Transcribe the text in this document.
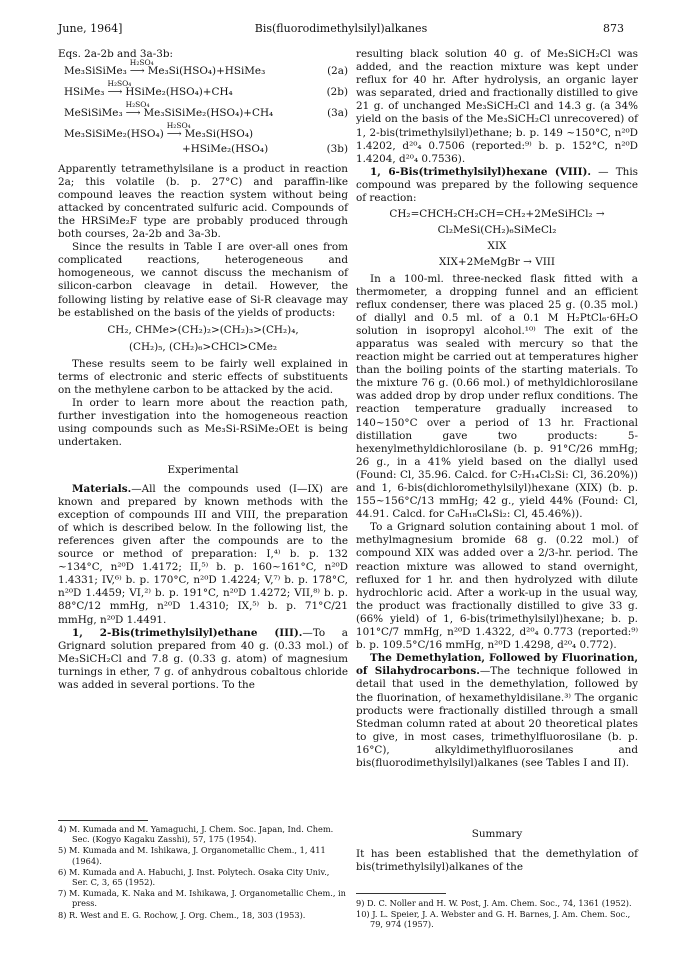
June, 1964]	Bis(fluorodimethylsilyl)alkanes	873

Eqs. 2a-2b and 3a-3b:

Me₃SiSiMe₃
H₂SO₄
⟶ Me₃Si(HSO₄)+HSiMe₃	(2a)
HSiMe₃
H₂SO₄
⟶ HSiMe₂(HSO₄)+CH₄	(2b)
MeSiSiMe₃
H₂SO₄
⟶ Me₃SiSiMe₂(HSO₄)+CH₄	(3a)
Me₃SiSiMe₂(HSO₄)
H₂SO₄
⟶ Me₃Si(HSO₄)
+HSiMe₂(HSO₄)	(3b)

Apparently tetramethylsilane is a product in reaction 2a; this volatile (b. p. 27°C) and paraffin-like compound leaves the reaction system without being attacked by concentrated sulfuric acid. Compounds of the HRSiMe₂F type are probably produced through both courses, 2a-2b and 3a-3b.

Since the results in Table I are over-all ones from complicated reactions, heterogeneous and homogeneous, we cannot discuss the mechanism of silicon-carbon cleavage in detail. However, the following listing by relative ease of Si-R cleavage may be established on the basis of the yields of products:

CH₂, CHMe>(CH₂)₂>(CH₂)₃>(CH₂)₄,
(CH₂)₅, (CH₂)₆>CHCl>CMe₂

These results seem to be fairly well explained in terms of electronic and steric effects of substituents on the methylene carbon to be attacked by the acid.

In order to learn more about the reaction path, further investigation into the homogeneous reaction using compounds such as Me₃Si-RSiMe₂OEt is being undertaken.

Experimental

Materials.—All the compounds used (I—IX) are known and prepared by known methods with the exception of compounds III and VIII, the preparation of which is described below. In the following list, the references given after the compounds are to the source or method of preparation: I,⁴⁾ b. p. 132 ~134°C, n²⁰D 1.4172; II,⁵⁾ b. p. 160~161°C, n²⁰D 1.4331; IV,⁶⁾ b. p. 170°C, n²⁰D 1.4224; V,⁷⁾ b. p. 178°C, n²⁰D 1.4459; VI,²⁾ b. p. 191°C, n²⁰D 1.4272; VII,⁸⁾ b. p. 88°C/12 mmHg, n²⁰D 1.4310; IX,⁵⁾ b. p. 71°C/21 mmHg, n²⁰D 1.4491.

1, 2-Bis(trimethylsilyl)ethane (III).—To a Grignard solution prepared from 40 g. (0.33 mol.) of Me₃SiCH₂Cl and 7.8 g. (0.33 g. atom) of magnesium turnings in ether, 7 g. of anhydrous cobaltous chloride was added in several portions. To the

4) M. Kumada and M. Yamaguchi, J. Chem. Soc. Japan, Ind. Chem. Sec. (Kogyo Kagaku Zasshi), 57, 175 (1954).
5) M. Kumada and M. Ishikawa, J. Organometallic Chem., 1, 411 (1964).
6) M. Kumada and A. Habuchi, J. Inst. Polytech. Osaka City Univ., Ser. C, 3, 65 (1952).
7) M. Kumada, K. Naka and M. Ishikawa, J. Organometallic Chem., in press.
8) R. West and E. G. Rochow, J. Org. Chem., 18, 303 (1953).

resulting black solution 40 g. of Me₃SiCH₂Cl was added, and the reaction mixture was kept under reflux for 40 hr. After hydrolysis, an organic layer was separated, dried and fractionally distilled to give 21 g. of unchanged Me₃SiCH₂Cl and 14.3 g. (a 34% yield on the basis of the Me₃SiCH₂Cl unrecovered) of 1, 2-bis(trimethylsilyl)ethane; b. p. 149 ~150°C, n²⁰D 1.4202, d²⁰₄ 0.7506 (reported:⁹⁾ b. p. 152°C, n²⁰D 1.4204, d²⁰₄ 0.7536).

1, 6-Bis(trimethylsilyl)hexane (VIII). — This compound was prepared by the following sequence of reaction:

CH₂=CHCH₂CH₂CH=CH₂+2MeSiHCl₂ →
Cl₂MeSi(CH₂)₆SiMeCl₂
XIX
XIX+2MeMgBr → VIII

In a 100-ml. three-necked flask fitted with a thermometer, a dropping funnel and an efficient reflux condenser, there was placed 25 g. (0.35 mol.) of diallyl and 0.5 ml. of a 0.1 M H₂PtCl₆·6H₂O solution in isopropyl alcohol.¹⁰⁾ The exit of the apparatus was sealed with mercury so that the reaction might be carried out at temperatures higher than the boiling points of the starting materials. To the mixture 76 g. (0.66 mol.) of methyldichlorosilane was added drop by drop under reflux conditions. The reaction temperature gradually increased to 140~150°C over a period of 13 hr. Fractional distillation gave two products: 5-hexenylmethyldichlorosilane (b. p. 91°C/26 mmHg; 26 g., in a 41% yield based on the diallyl used (Found: Cl, 35.96. Calcd. for C₇H₁₄Cl₂Si: Cl, 36.20%)) and 1, 6-bis(dichloromethylsilyl)hexane (XIX) (b. p. 155~156°C/13 mmHg; 42 g., yield 44% (Found: Cl, 44.91. Calcd. for C₈H₁₈Cl₄Si₂: Cl, 45.46%)).

To a Grignard solution containing about 1 mol. of methylmagnesium bromide 68 g. (0.22 mol.) of compound XIX was added over a 2/3-hr. period. The reaction mixture was allowed to stand overnight, refluxed for 1 hr. and then hydrolyzed with dilute hydrochloric acid. After a work-up in the usual way, the product was fractionally distilled to give 33 g. (66% yield) of 1, 6-bis(trimethylsilyl)hexane; b. p. 101°C/7 mmHg, n²⁰D 1.4322, d²⁰₄ 0.773 (reported:⁹⁾ b. p. 109.5°C/16 mmHg, n²⁰D 1.4298, d²⁰₄ 0.772).

The Demethylation, Followed by Fluorination, of Silahydrocarbons.—The technique followed in detail that used in the demethylation, followed by the fluorination, of hexamethyldisilane.³⁾ The organic products were fractionally distilled through a small Stedman column rated at about 20 theoretical plates to give, in most cases, trimethylfluorosilane (b. p. 16°C), alkyldimethylfluorosilanes and bis(fluorodimethylsilyl)alkanes (see Tables I and II).

Summary
It has been established that the demethylation of bis(trimethylsilyl)alkanes of the
9) D. C. Noller and H. W. Post, J. Am. Chem. Soc., 74, 1361 (1952).
10) J. L. Speier, J. A. Webster and G. H. Barnes, J. Am. Chem. Soc., 79, 974 (1957).
